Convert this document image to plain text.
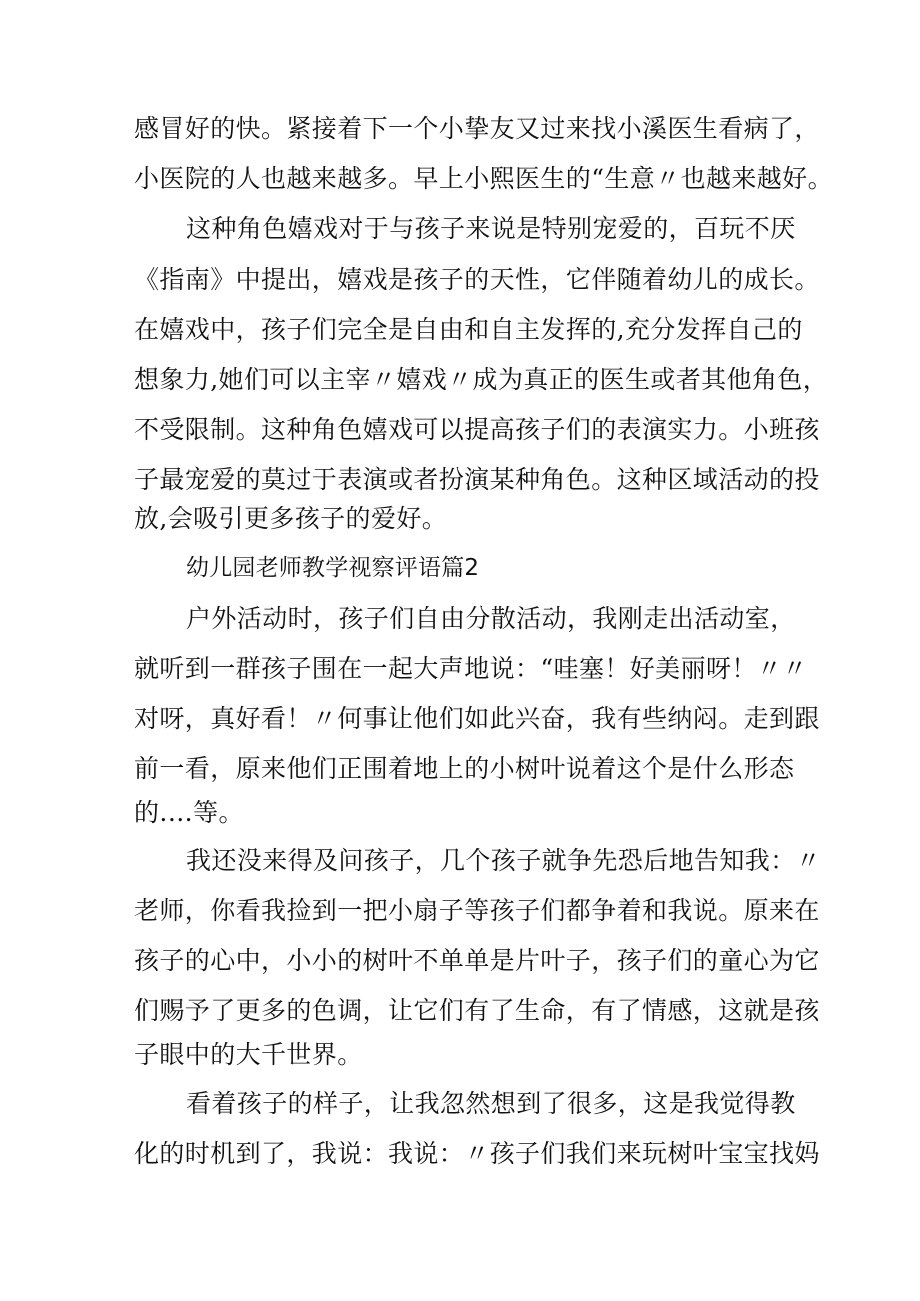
感冒好的快。紧接着下一个小挚友又过来找小溪医生看病了，
小医院的人也越来越多。早上小熙医生的“生意〃也越来越好。
这种角色嬉戏对于与孩子来说是特别宠爱的，百玩不厌
《指南》中提出，嬉戏是孩子的天性，它伴随着幼儿的成长。
在嬉戏中，孩子们完全是自由和自主发挥的,充分发挥自己的
想象力,她们可以主宰〃嬉戏〃成为真正的医生或者其他角色，
不受限制。这种角色嬉戏可以提高孩子们的表演实力。小班孩
子最宠爱的莫过于表演或者扮演某种角色。这种区域活动的投
放,会吸引更多孩子的爱好。
幼儿园老师教学视察评语篇2
户外活动时，孩子们自由分散活动，我刚走出活动室，
就听到一群孩子围在一起大声地说：“哇塞！好美丽呀！〃〃
对呀，真好看！〃何事让他们如此兴奋，我有些纳闷。走到跟
前一看，原来他们正围着地上的小树叶说着这个是什么形态
的.…等。
我还没来得及问孩子，几个孩子就争先恐后地告知我：〃
老师，你看我捡到一把小扇子等孩子们都争着和我说。原来在
孩子的心中，小小的树叶不单单是片叶子，孩子们的童心为它
们赐予了更多的色调，让它们有了生命，有了情感，这就是孩
子眼中的大千世界。
看着孩子的样子，让我忽然想到了很多，这是我觉得教
化的时机到了，我说：我说：〃孩子们我们来玩树叶宝宝找妈
